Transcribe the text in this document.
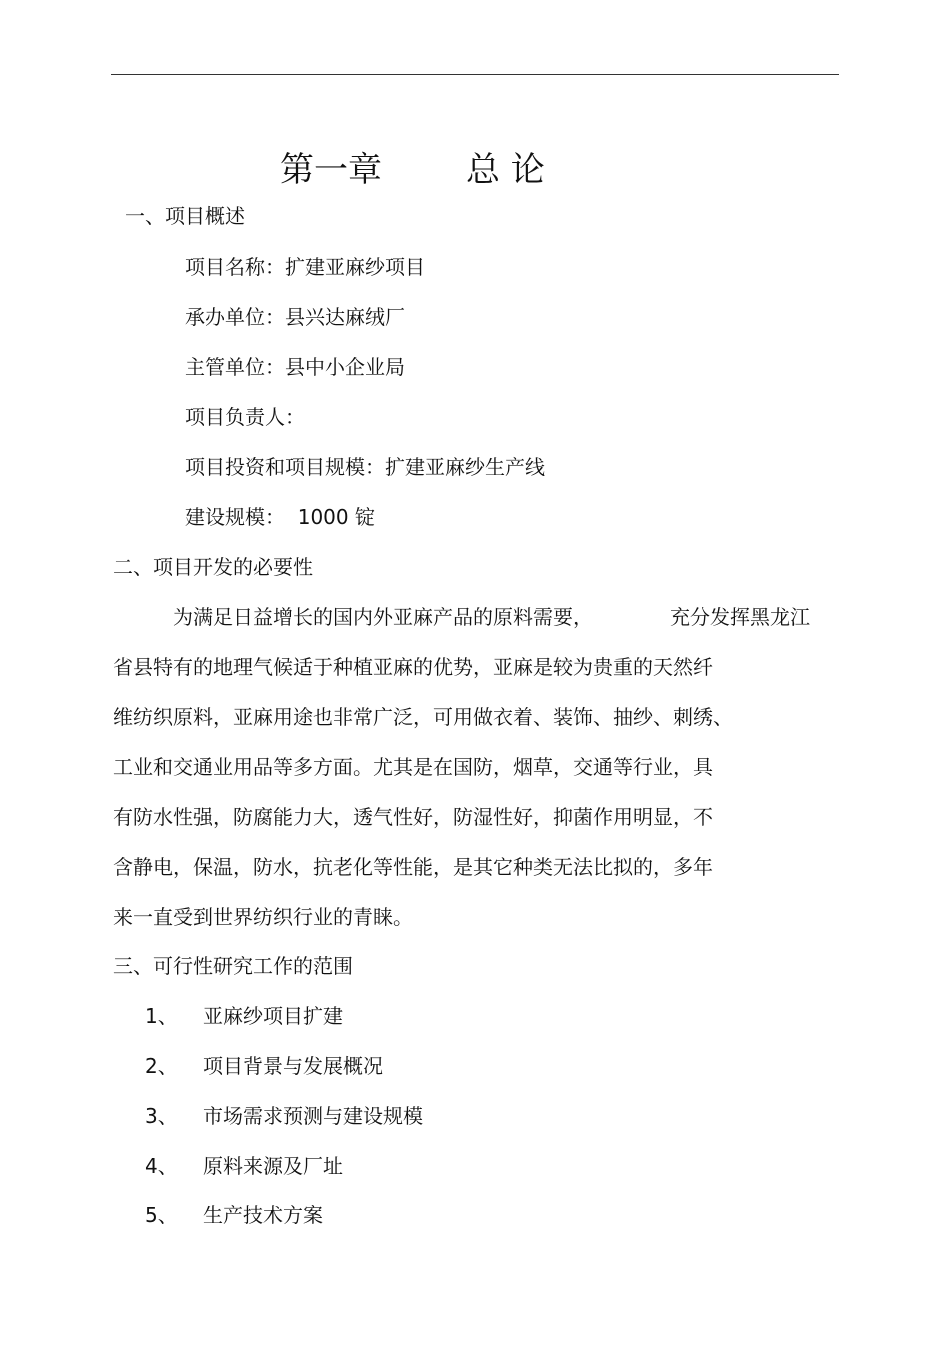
第一章 总 论
一、项目概述
项目名称：扩建亚麻纱项目
承办单位：县兴达麻绒厂
主管单位：县中小企业局
项目负责人：
项目投资和项目规模：扩建亚麻纱生产线
建设规模：  1000 锭
二、项目开发的必要性
为满足日益增长的国内外亚麻产品的原料需要，	充分发挥黑龙江
省县特有的地理气候适于种植亚麻的优势，亚麻是较为贵重的天然纤
维纺织原料，亚麻用途也非常广泛，可用做衣着、装饰、抽纱、刺绣、
工业和交通业用品等多方面。尤其是在国防，烟草，交通等行业，具
有防水性强，防腐能力大，透气性好，防湿性好，抑菌作用明显，不
含静电，保温，防水，抗老化等性能，是其它种类无法比拟的，多年
来一直受到世界纺织行业的青睐。
三、可行性研究工作的范围
1、 亚麻纱项目扩建
2、 项目背景与发展概况
3、 市场需求预测与建设规模
4、 原料来源及厂址
5、 生产技术方案
